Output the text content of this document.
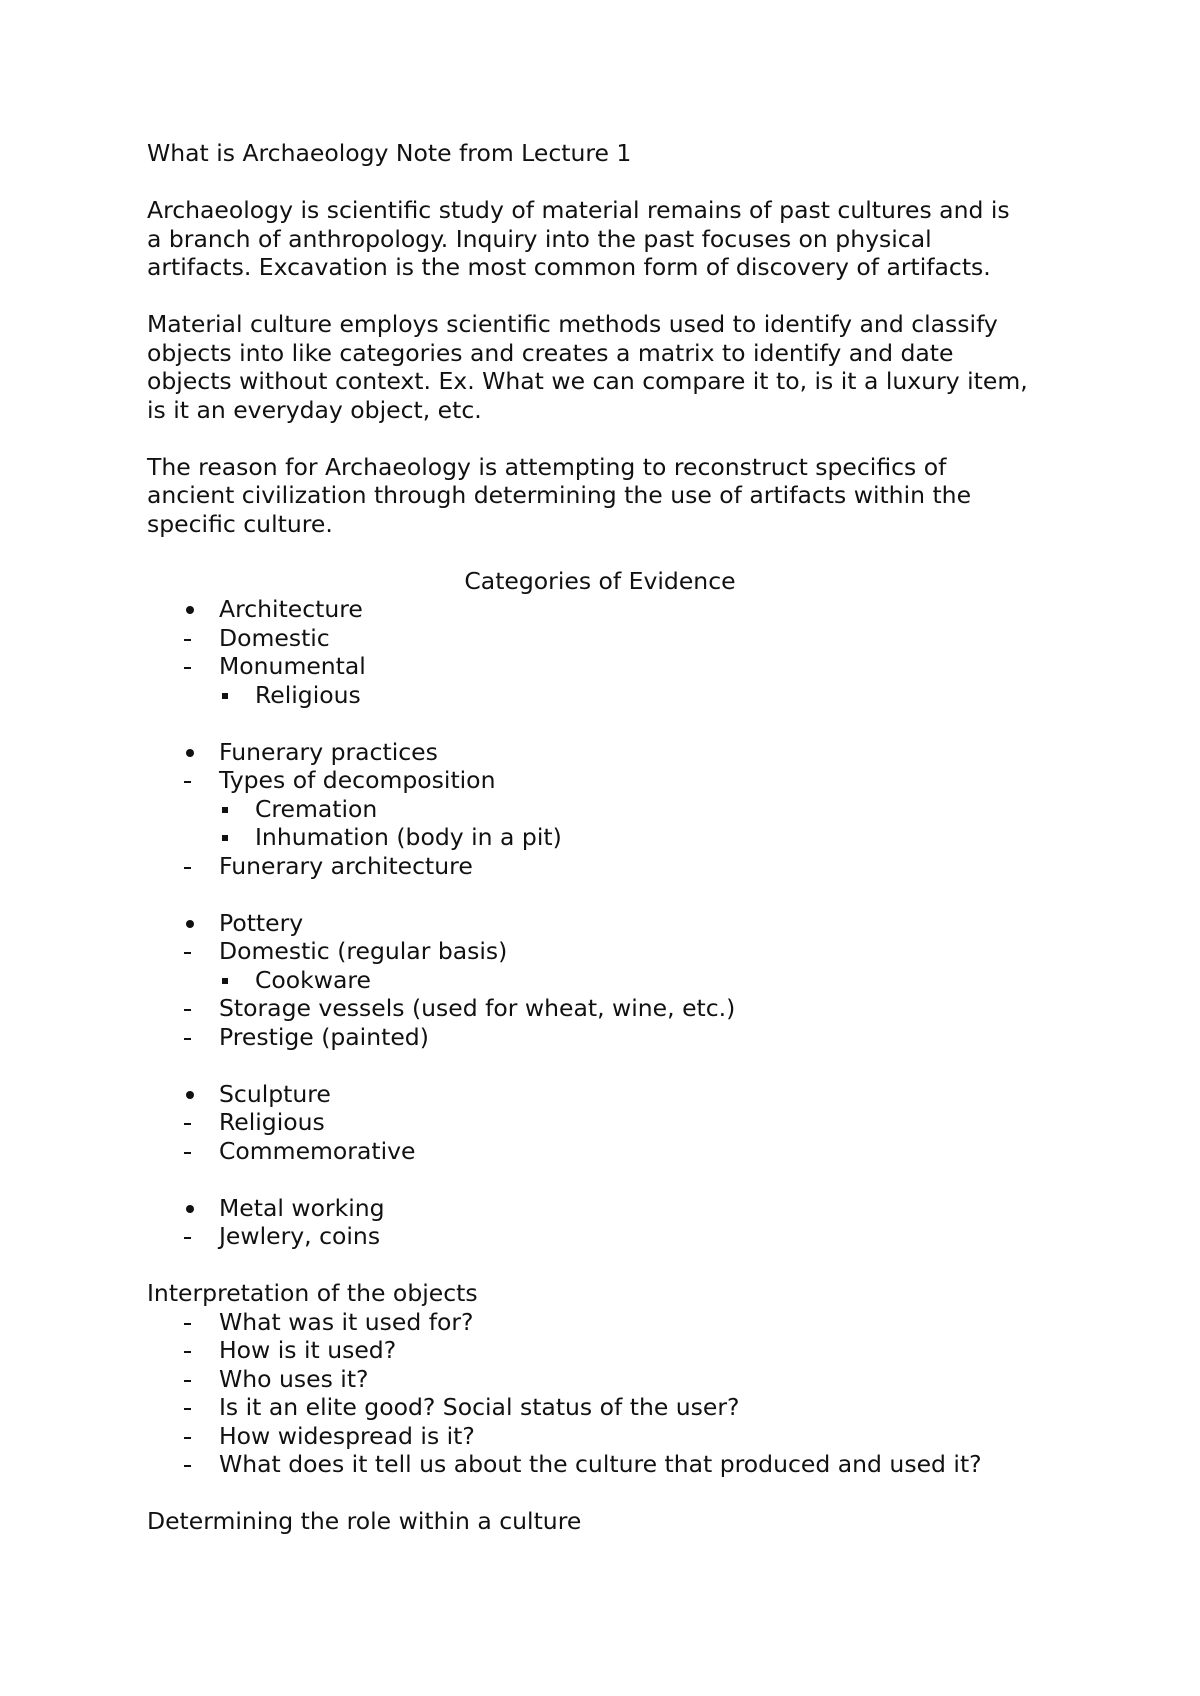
What is Archaeology Note from Lecture 1
Archaeology is scientific study of material remains of past cultures and is
a branch of anthropology. Inquiry into the past focuses on physical
artifacts. Excavation is the most common form of discovery of artifacts.
Material culture employs scientific methods used to identify and classify
objects into like categories and creates a matrix to identify and date
objects without context. Ex. What we can compare it to, is it a luxury item,
is it an everyday object, etc.
The reason for Archaeology is attempting to reconstruct specifics of
ancient civilization through determining the use of artifacts within the
specific culture.
Categories of Evidence
Architecture
Domestic
Monumental
Religious
Funerary practices
Types of decomposition
Cremation
Inhumation (body in a pit)
Funerary architecture
Pottery
Domestic (regular basis)
Cookware
Storage vessels (used for wheat, wine, etc.)
Prestige (painted)
Sculpture
Religious
Commemorative
Metal working
Jewlery, coins
Interpretation of the objects
What was it used for?
How is it used?
Who uses it?
Is it an elite good? Social status of the user?
How widespread is it?
What does it tell us about the culture that produced and used it?
Determining the role within a culture
